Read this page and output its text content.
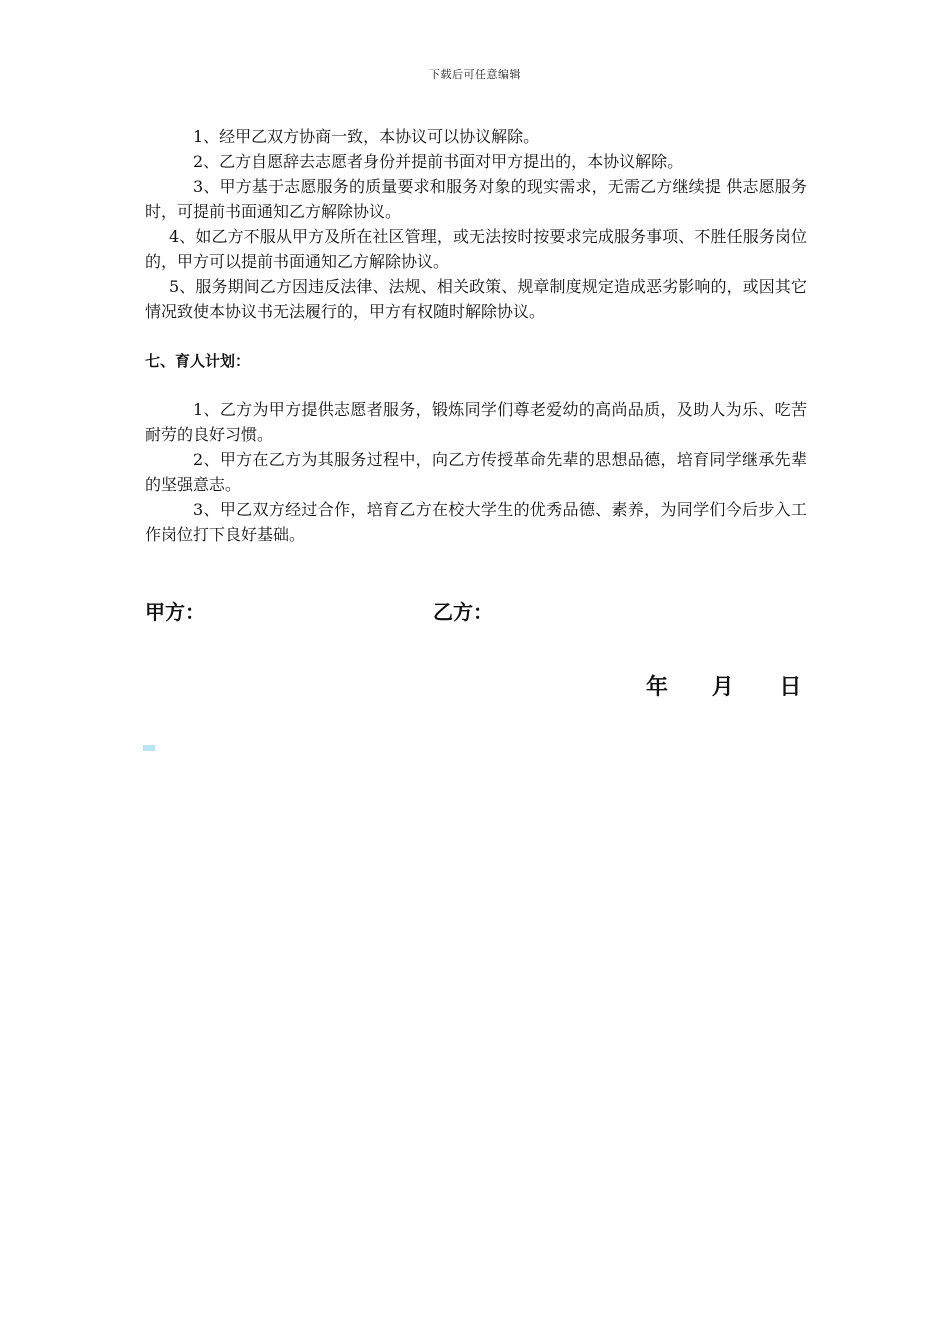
下载后可任意编辑

1、经甲乙双方协商一致，本协议可以协议解除。

2、乙方自愿辞去志愿者身份并提前书面对甲方提出的，本协议解除。

3、甲方基于志愿服务的质量要求和服务对象的现实需求，无需乙方继续提 供志愿服务时，可提前书面通知乙方解除协议。

4、如乙方不服从甲方及所在社区管理，或无法按时按要求完成服务事项、不胜任服务岗位的，甲方可以提前书面通知乙方解除协议。

5、服务期间乙方因违反法律、法规、相关政策、规章制度规定造成恶劣影响的，或因其它情况致使本协议书无法履行的，甲方有权随时解除协议。

七、育人计划：

1、乙方为甲方提供志愿者服务，锻炼同学们尊老爱幼的高尚品质，及助人为乐、吃苦耐劳的良好习惯。

2、甲方在乙方为其服务过程中，向乙方传授革命先辈的思想品德，培育同学继承先辈的坚强意志。

3、甲乙双方经过合作，培育乙方在校大学生的优秀品德、素养，为同学们今后步入工作岗位打下良好基础。

甲方：	乙方：
年 月 日
